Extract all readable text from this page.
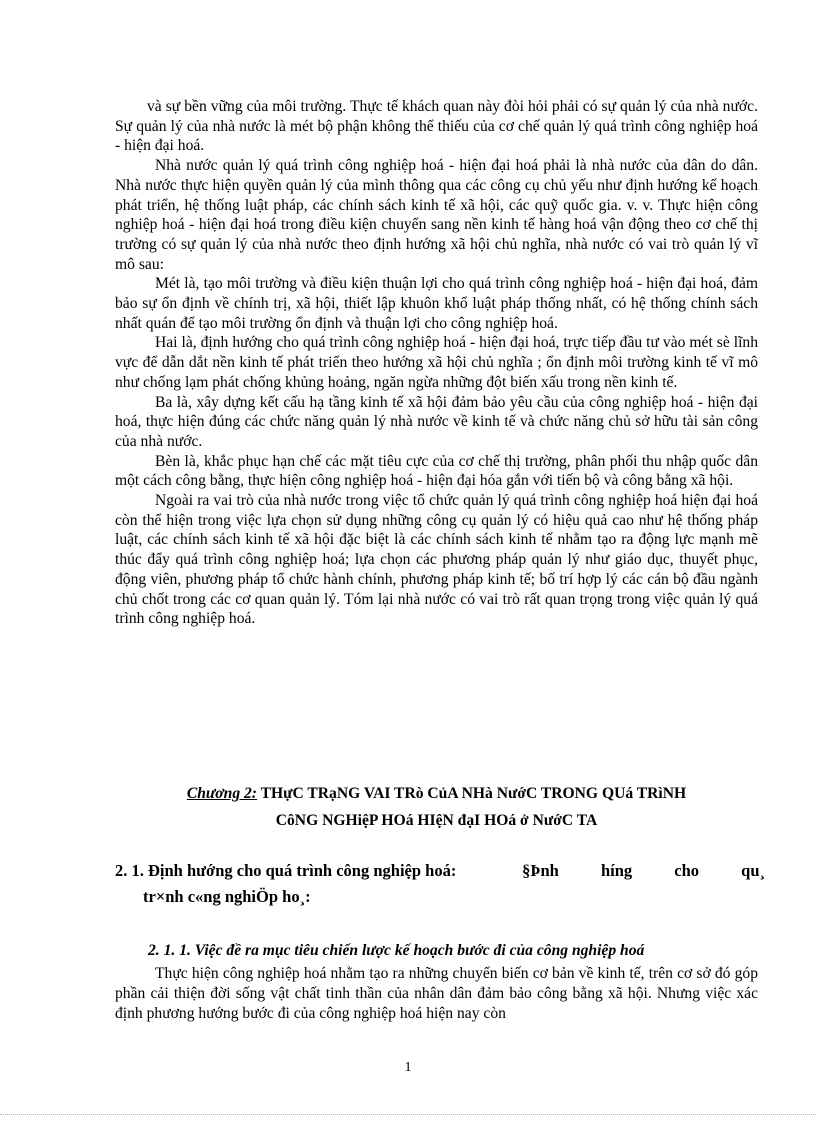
và sự bền vững của môi trường. Thực tế khách quan này đòi hỏi phải có sự quản lý của nhà nước. Sự quản lý của nhà nước là mét bộ phận không thể thiếu của cơ chế quản lý quá trình công nghiệp hoá - hiện đại hoá.

Nhà nước quản lý quá trình công nghiệp hoá - hiện đại hoá phải là nhà nước của dân do dân. Nhà nước thực hiện quyền quản lý của mình thông qua các công cụ chủ yếu như định hướng kế hoạch phát triển, hệ thống luật pháp, các chính sách kinh tế xã hội, các quỹ quốc gia. v. v. Thực hiện công nghiệp hoá - hiện đại hoá trong điều kiện chuyển sang nền kinh tế hàng hoá vận động theo cơ chế thị trường có sự quản lý của nhà nước theo định hướng xã hội chủ nghĩa, nhà nước có vai trò quản lý vĩ mô sau:

Mét là, tạo môi trường và điều kiện thuận lợi cho quá trình công nghiệp hoá - hiện đại hoá, đảm bảo sự ổn định về chính trị, xã hội, thiết lập khuôn khổ luật pháp thống nhất, có hệ thống chính sách nhất quán để tạo môi trường ổn định và thuận lợi cho công nghiệp hoá.

Hai là, định hướng cho quá trình công nghiệp hoá - hiện đại hoá, trực tiếp đầu tư vào mét sè lĩnh vực để dẫn dắt nền kinh tế phát triển theo hướng xã hội chủ nghĩa ; ổn định môi trường kinh tế vĩ mô như chống lạm phát chống khủng hoảng, ngăn ngừa những đột biến xấu trong nền kinh tế.

Ba là, xây dựng kết cấu hạ tầng kinh tế xã hội đảm bảo yêu cầu của công nghiệp hoá - hiện đại hoá, thực hiện đúng các chức năng quản lý nhà nước về kinh tế và chức năng chủ sở hữu tài sản công của nhà nước.

Bèn là, khắc phục hạn chế các mặt tiêu cực của cơ chế thị trường, phân phối thu nhập quốc dân một cách công bằng, thực hiện công nghiệp hoá - hiện đại hóa gắn với tiến bộ và công bằng xã hội.

Ngoài ra vai trò của nhà nước trong việc tổ chức quản lý quá trình công nghiệp hoá hiện đại hoá còn thể hiện trong việc lựa chọn sử dụng những công cụ quản lý có hiệu quả cao như hệ thống pháp luật, các chính sách kinh tế xã hội đặc biệt là các chính sách kinh tế nhằm tạo ra động lực mạnh mẽ thúc đẩy quá trình công nghiệp hoá; lựa chọn các phương pháp quản lý như giáo dục, thuyết phục, động viên, phương pháp tổ chức hành chính, phương pháp kinh tế; bố trí hợp lý các cán bộ đầu ngành chủ chốt trong các cơ quan quản lý. Tóm lại nhà nước có vai trò rất quan trọng trong việc quản lý quá trình công nghiệp hoá.

Chương 2: THựC TRạNG VAI TRò CủA NHà NướC TRONG QUá TRìNH
CôNG NGHiệP HOá HIệN đạI HOá ở NướC TA
2. 1. Định hướng cho quá trình công nghiệp hoá:	§Þnh	híng	cho	qu¸
tr×nh c«ng nghiÖp ho¸:
2. 1. 1. Việc đề ra mục tiêu chiến lược kế hoạch bước đi của công nghiệp hoá

Thực hiện công nghiệp hoá nhằm tạo ra những chuyển biến cơ bản về kinh tế, trên cơ sở đó góp phần cải thiện đời sống vật chất tinh thần của nhân dân đảm bảo công bằng xã hội. Nhưng việc xác định phương hướng bước đi của công nghiệp hoá hiện nay còn

1
